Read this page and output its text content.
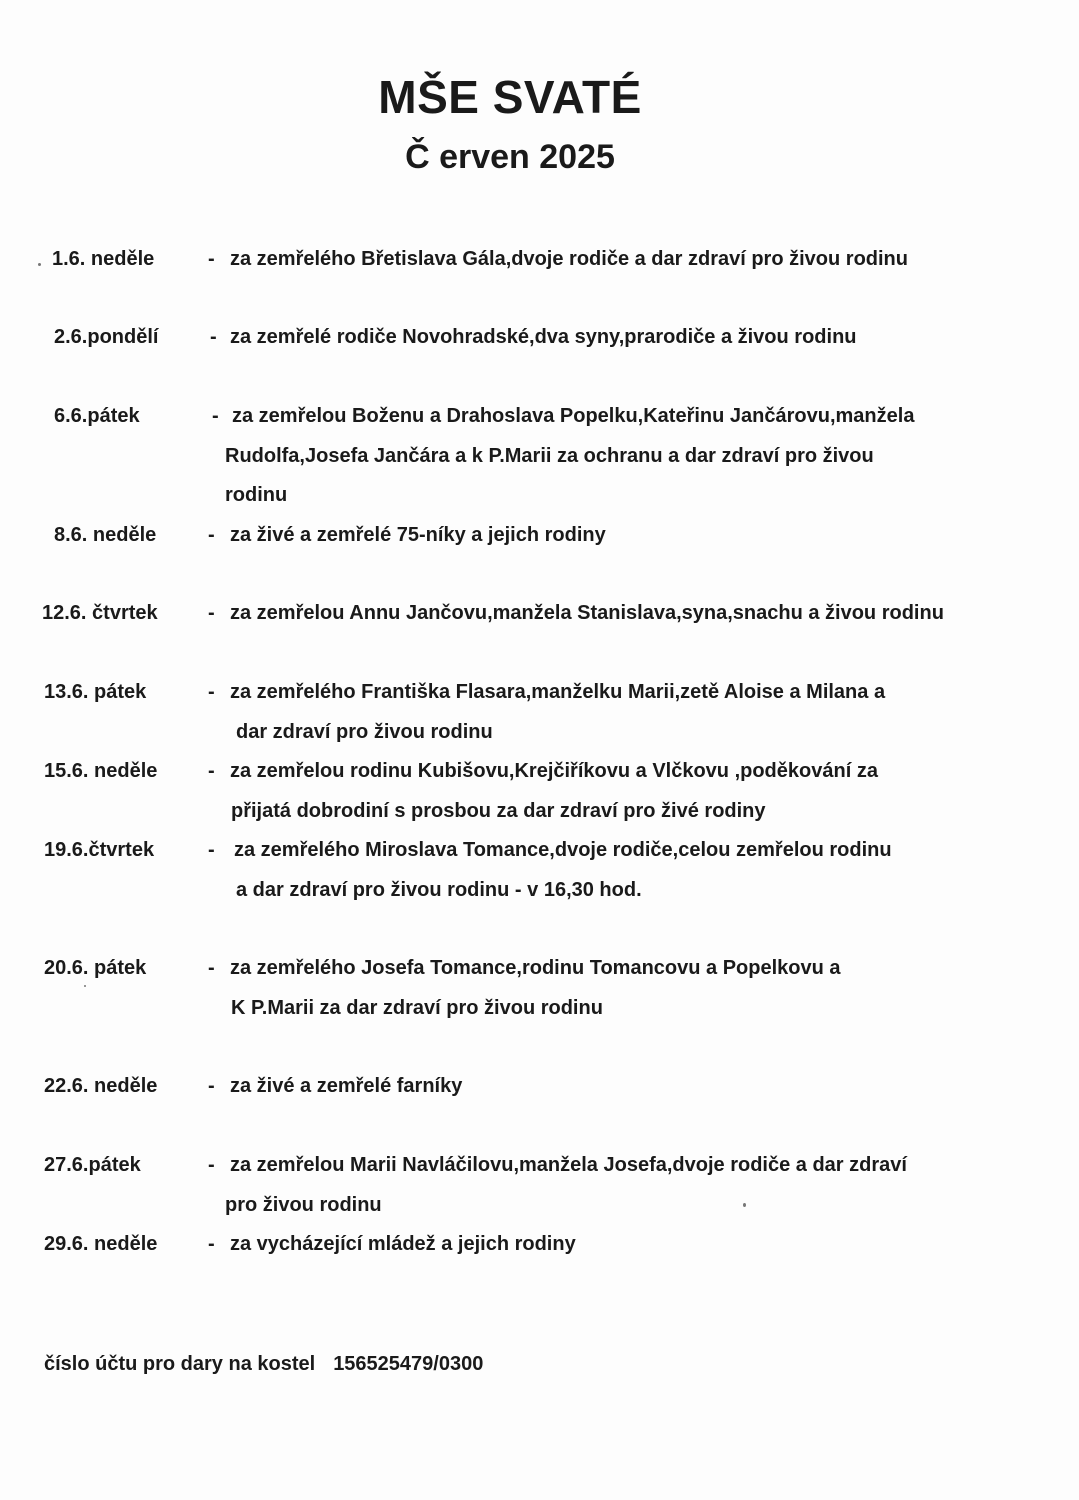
MŠE SVATÉ
Č erven 2025
1.6. neděle	- za zemřelého Břetislava Gála,dvoje rodiče a dar zdraví pro živou rodinu
2.6.pondělí	- za zemřelé rodiče Novohradské,dva syny,prarodiče a živou rodinu
6.6.pátek	- za zemřelou Boženu a Drahoslava Popelku,Kateřinu Jančárovu,manžela
Rudolfa,Josefa Jančára a k P.Marii za ochranu a dar zdraví pro živou
rodinu
8.6. neděle	- za živé a zemřelé 75-níky a jejich rodiny
12.6. čtvrtek	- za zemřelou Annu Jančovu,manžela Stanislava,syna,snachu a živou rodinu
13.6. pátek	- za zemřelého Františka Flasara,manželku Marii,zetě Aloise a Milana a
dar zdraví pro živou rodinu
15.6. neděle	- za zemřelou rodinu Kubišovu,Krejčiříkovu a Vlčkovu ,poděkování za
přijatá dobrodiní s prosbou za dar zdraví pro živé rodiny
19.6.čtvrtek	- za zemřelého Miroslava Tomance,dvoje rodiče,celou zemřelou rodinu
a dar zdraví pro živou rodinu - v 16,30 hod.
20.6. pátek	- za zemřelého Josefa Tomance,rodinu Tomancovu a Popelkovu a
K P.Marii za dar zdraví pro živou rodinu
22.6. neděle	- za živé a zemřelé farníky
27.6.pátek	- za zemřelou Marii Navláčilovu,manžela Josefa,dvoje rodiče a dar zdraví
pro živou rodinu
29.6. neděle	- za vycházející mládež a jejich rodiny
číslo účtu pro dary na kostel 156525479/0300
